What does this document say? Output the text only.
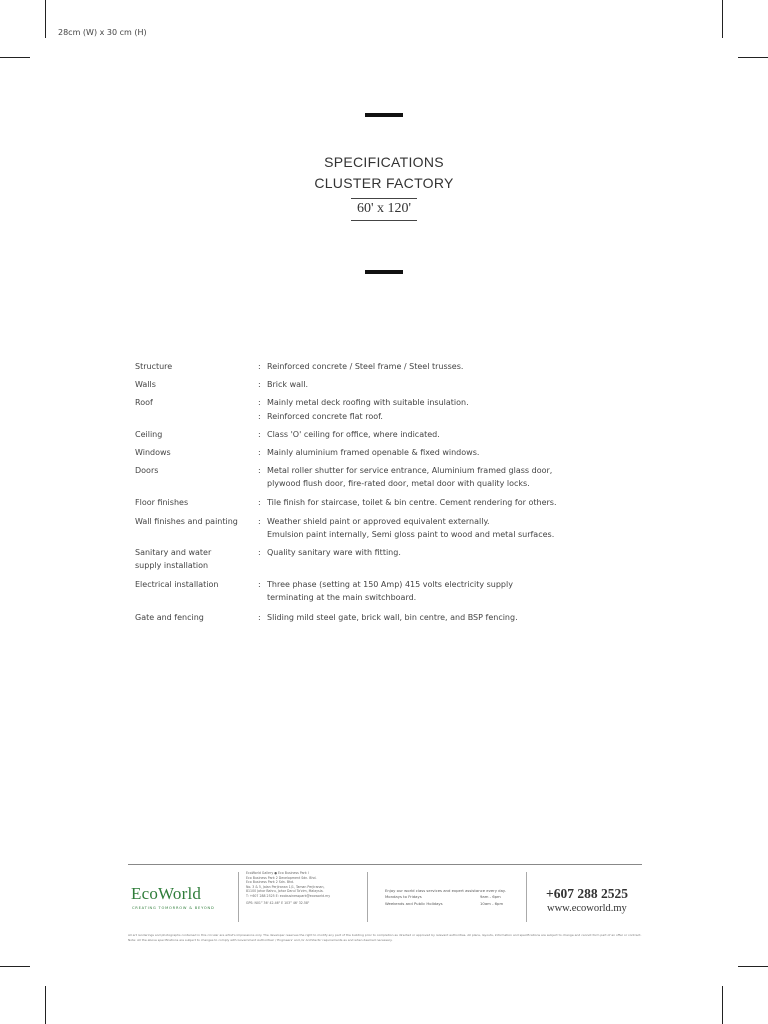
28cm (W) x 30 cm (H)
SPECIFICATIONS
CLUSTER FACTORY
60' x 120'
Structure	: Reinforced concrete / Steel frame / Steel trusses.
Walls	: Brick wall.
Roof	: Mainly metal deck roofing with suitable insulation.
: Reinforced concrete flat roof.
Ceiling	: Class 'O' ceiling for office, where indicated.
Windows	: Mainly aluminium framed openable & fixed windows.
Doors	: Metal roller shutter for service entrance, Aluminium framed glass door,
plywood flush door, fire-rated door, metal door with quality locks.
Floor finishes	: Tile finish for staircase, toilet & bin centre. Cement rendering for others.
Wall finishes and painting	: Weather shield paint or approved equivalent externally.
Emulsion paint internally, Semi gloss paint to wood and metal surfaces.
Sanitary and water supply installation
: Quality sanitary ware with fitting.
Electrical installation	: Three phase (setting at 150 Amp) 415 volts electricity supply
terminating at the main switchboard.
Gate and fencing	: Sliding mild steel gate, brick wall, bin centre, and BSP fencing.
EcoWorld
CREATING TOMORROW & BEYOND
EcoWorld Gallery ● Eco Business Park I
Eco Business Park 2 Development Sdn. Bhd.
Eco Business Park 2 Sdn. Bhd.
No. 3 & 5, Jalan Perjiranan 1/1, Taman Perjiranan,
81100 Johor Bahru, Johor Darul Ta'zim, Malaysia.
T: +607 288 2525 E: ecobusinesspark@ecoworld.my
GPS: N01° 36' 42.46" E 103° 46' 32.58"
Enjoy our world class services and expert assistance every day.
Mondays to Fridays	9am - 6pm
Weekends and Public Holidays	10am - 6pm
+607 288 2525
www.ecoworld.my
All art renderings and photographs contained in this circular are artist's impressions only. The developer reserves the right to modify any part of the building prior to completion as directed or approved by relevant authorities. All plans, layouts, information and specifications are subject to change and cannot form part of an offer or contract. Note: All the above specifications are subject to changes to comply with Government Authorities' / Engineers' and /or Architects' requirements as and when deemed necessary.
